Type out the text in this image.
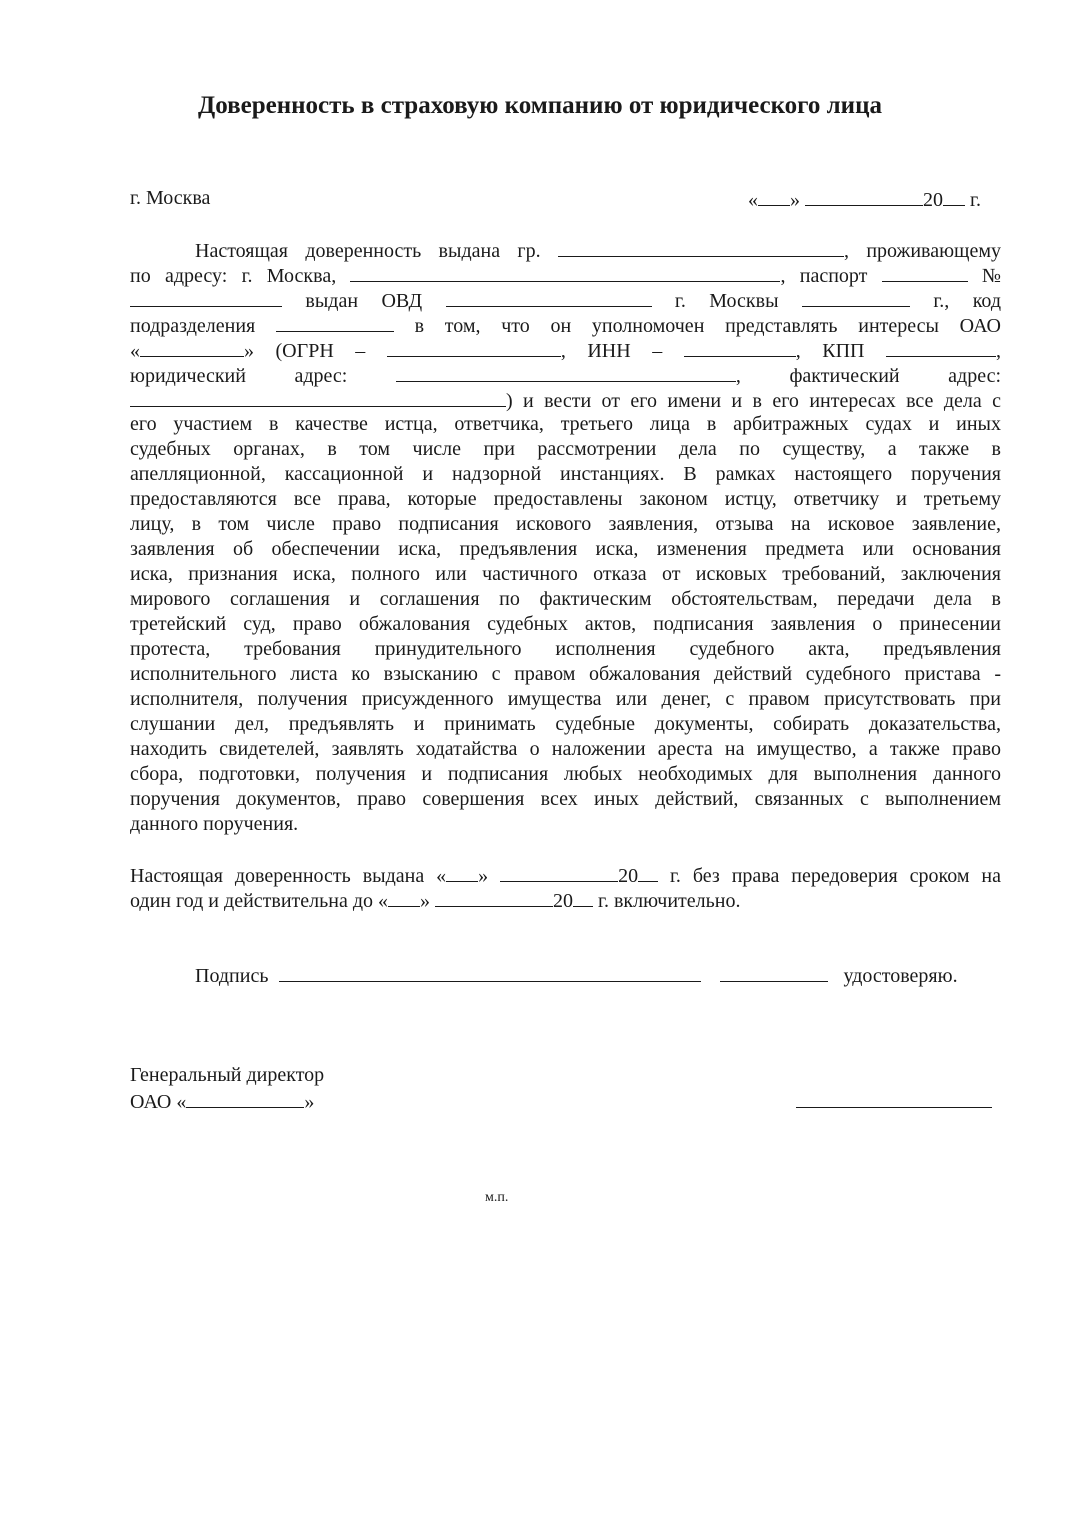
Доверенность в страховую компанию от юридического лица
г. Москва	« »	20 г.
Настоящая доверенность выдана гр.	, проживающему
по адресу: г. Москва,	, паспорт	№
выдан ОВД	г. Москвы	г., код
подразделения	в том, что он уполномочен представлять интересы ОАО
«	» (ОГРН –	, ИНН –	, КПП	,
юридический адрес:	, фактический адрес:
) и вести от его имени и в его интересах все дела с
его участием в качестве истца, ответчика, третьего лица в арбитражных судах и иных
судебных органах, в том числе при рассмотрении дела по существу, а также в
апелляционной, кассационной и надзорной инстанциях. В рамках настоящего поручения
предоставляются все права, которые предоставлены законом истцу, ответчику и третьему
лицу, в том числе право подписания искового заявления, отзыва на исковое заявление,
заявления об обеспечении иска, предъявления иска, изменения предмета или основания
иска, признания иска, полного или частичного отказа от исковых требований, заключения
мирового соглашения и соглашения по фактическим обстоятельствам, передачи дела в
третейский суд, право обжалования судебных актов, подписания заявления о принесении
протеста, требования принудительного исполнения судебного акта, предъявления
исполнительного листа ко взысканию с правом обжалования действий судебного пристава -
исполнителя, получения присужденного имущества или денег, с правом присутствовать при
слушании дел, предъявлять и принимать судебные документы, собирать доказательства,
находить свидетелей, заявлять ходатайства о наложении ареста на имущество, а также право
сбора, подготовки, получения и подписания любых необходимых для выполнения данного
поручения документов, право совершения всех иных действий, связанных с выполнением
данного поручения.
Настоящая доверенность выдана « »	20 г. без права передоверия сроком на
один год и действительна до « »	20 г. включительно.
Подпись	удостоверяю.
Генеральный директор
ОАО «	»
м.п.
